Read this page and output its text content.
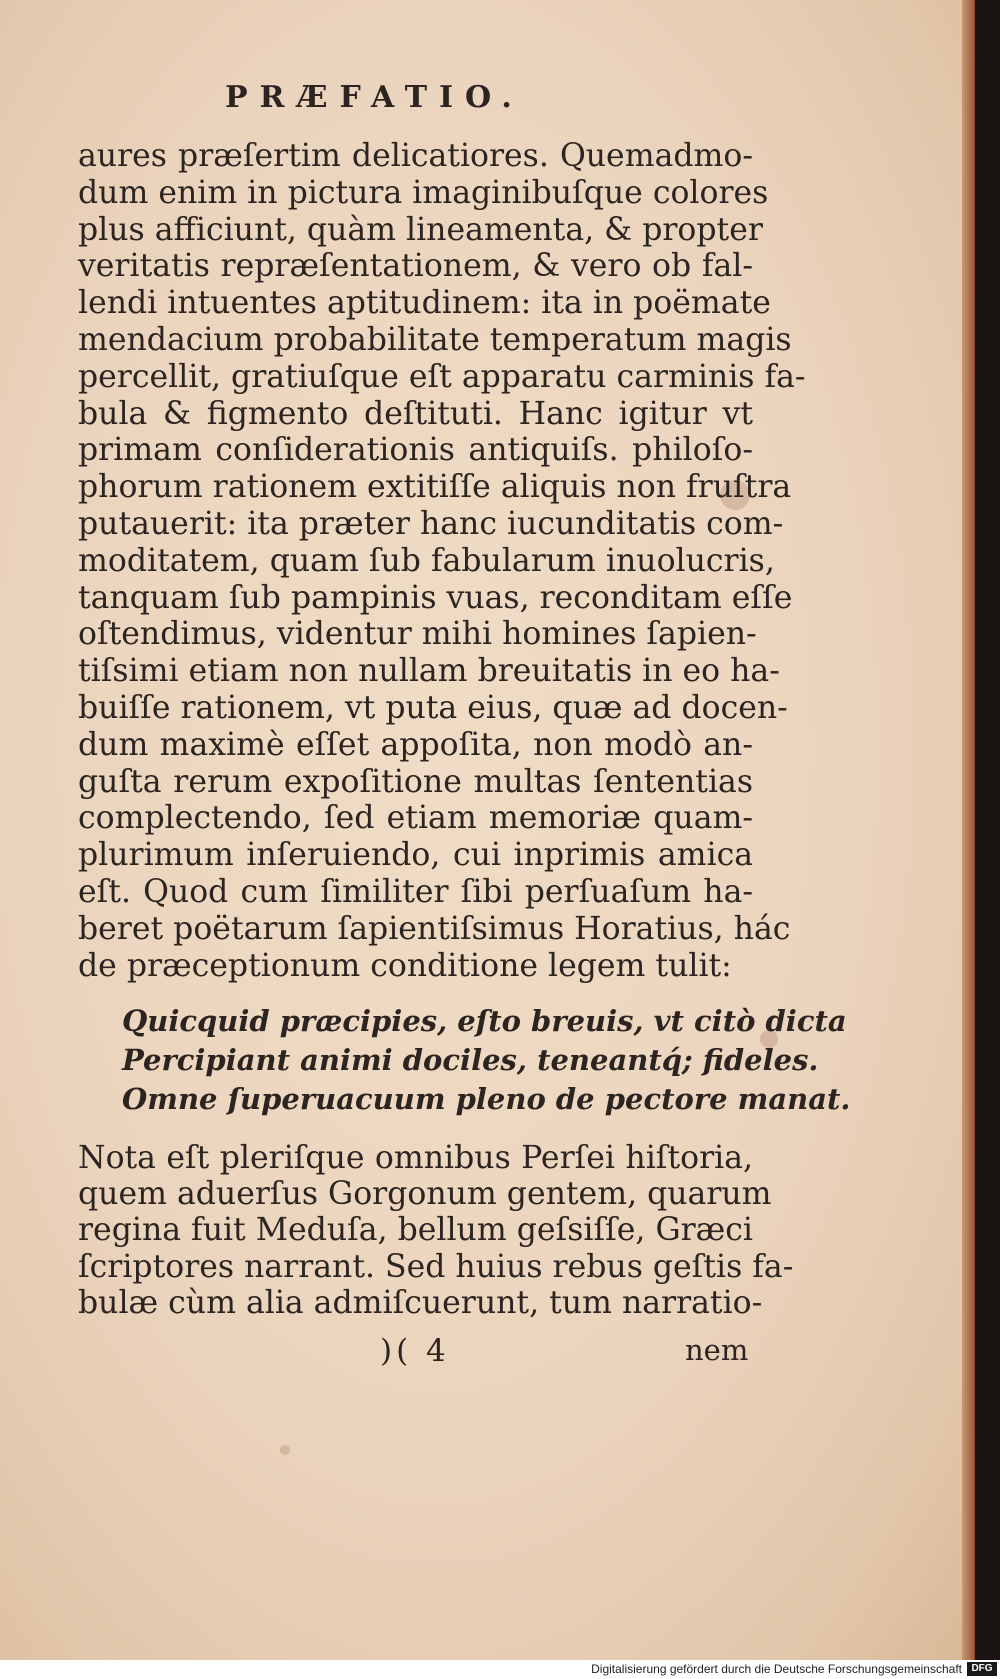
PRÆFATIO.
aures præſertim delicatiores. Quemadmo-
dum enim in pictura imaginibuſque colores
plus afficiunt, quàm lineamenta, & propter
veritatis repræſentationem, & vero ob fal-
lendi intuentes aptitudinem: ita in poëmate
mendacium probabilitate temperatum magis
percellit, gratiuſque eſt apparatu carminis fa-
bula & figmento deſtituti. Hanc igitur vt
primam conſiderationis antiquiſs. philoſo-
phorum rationem extitiſſe aliquis non fruſtra
putauerit: ita præter hanc iucunditatis com-
moditatem, quam ſub fabularum inuolucris,
tanquam ſub pampinis vuas, reconditam eſſe
oſtendimus, videntur mihi homines ſapien-
tiſsimi etiam non nullam breuitatis in eo ha-
buiſſe rationem, vt puta eius, quæ ad docen-
dum maximè eſſet appoſita, non modò an-
guſta rerum expoſitione multas ſententias
complectendo, ſed etiam memoriæ quam-
plurimum inſeruiendo, cui inprimis amica
eſt. Quod cum ſimiliter ſibi perſuaſum ha-
beret poëtarum ſapientiſsimus Horatius, hác
de præceptionum conditione legem tulit:
Quicquid præcipies, eſto breuis, vt citò dicta
Percipiant animi dociles, teneantq́; fideles.
Omne ſuperuacuum pleno de pectore manat.
Nota eſt pleriſque omnibus Perſei hiſtoria,
quem aduerſus Gorgonum gentem, quarum
regina fuit Meduſa, bellum geſsiſſe, Græci
ſcriptores narrant. Sed huius rebus geſtis fa-
bulæ cùm alia admiſcuerunt, tum narratio-
)( 4	nem
Digitalisierung gefördert durch die Deutsche Forschungsgemeinschaft DFG
